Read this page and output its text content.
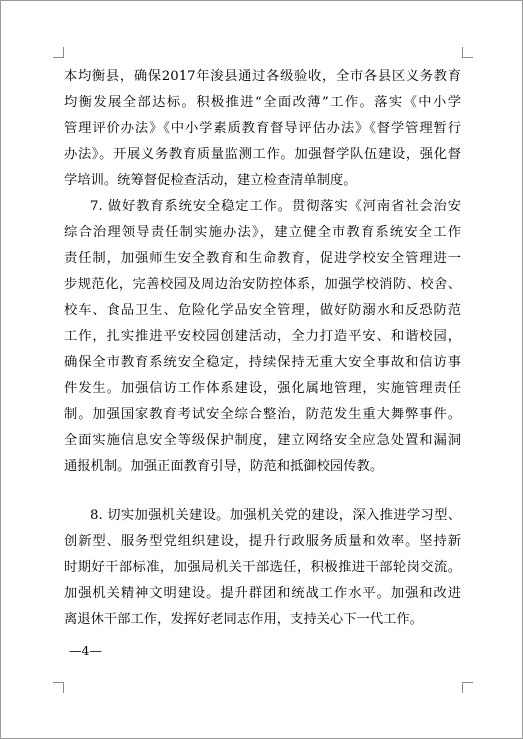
本均衡县，确保2017年浚县通过各级验收，全市各县区义务教育
均衡发展全部达标。积极推进“全面改薄”工作。落实《中小学
管理评价办法》《中小学素质教育督导评估办法》《督学管理暂行
办法》。开展义务教育质量监测工作。加强督学队伍建设，强化督
学培训。统筹督促检查活动，建立检查清单制度。
7. 做好教育系统安全稳定工作。贯彻落实《河南省社会治安
综合治理领导责任制实施办法》，建立健全市教育系统安全工作
责任制，加强师生安全教育和生命教育，促进学校安全管理进一
步规范化，完善校园及周边治安防控体系，加强学校消防、校舍、
校车、食品卫生、危险化学品安全管理，做好防溺水和反恐防范
工作，扎实推进平安校园创建活动，全力打造平安、和谐校园，
确保全市教育系统安全稳定，持续保持无重大安全事故和信访事
件发生。加强信访工作体系建设，强化属地管理，实施管理责任
制。加强国家教育考试安全综合整治，防范发生重大舞弊事件。
全面实施信息安全等级保护制度，建立网络安全应急处置和漏洞
通报机制。加强正面教育引导，防范和抵御校园传教。
8. 切实加强机关建设。加强机关党的建设，深入推进学习型、
创新型、服务型党组织建设，提升行政服务质量和效率。坚持新
时期好干部标准，加强局机关干部选任，积极推进干部轮岗交流。
加强机关精神文明建设。提升群团和统战工作水平。加强和改进
离退休干部工作，发挥好老同志作用，支持关心下一代工作。
—4—
